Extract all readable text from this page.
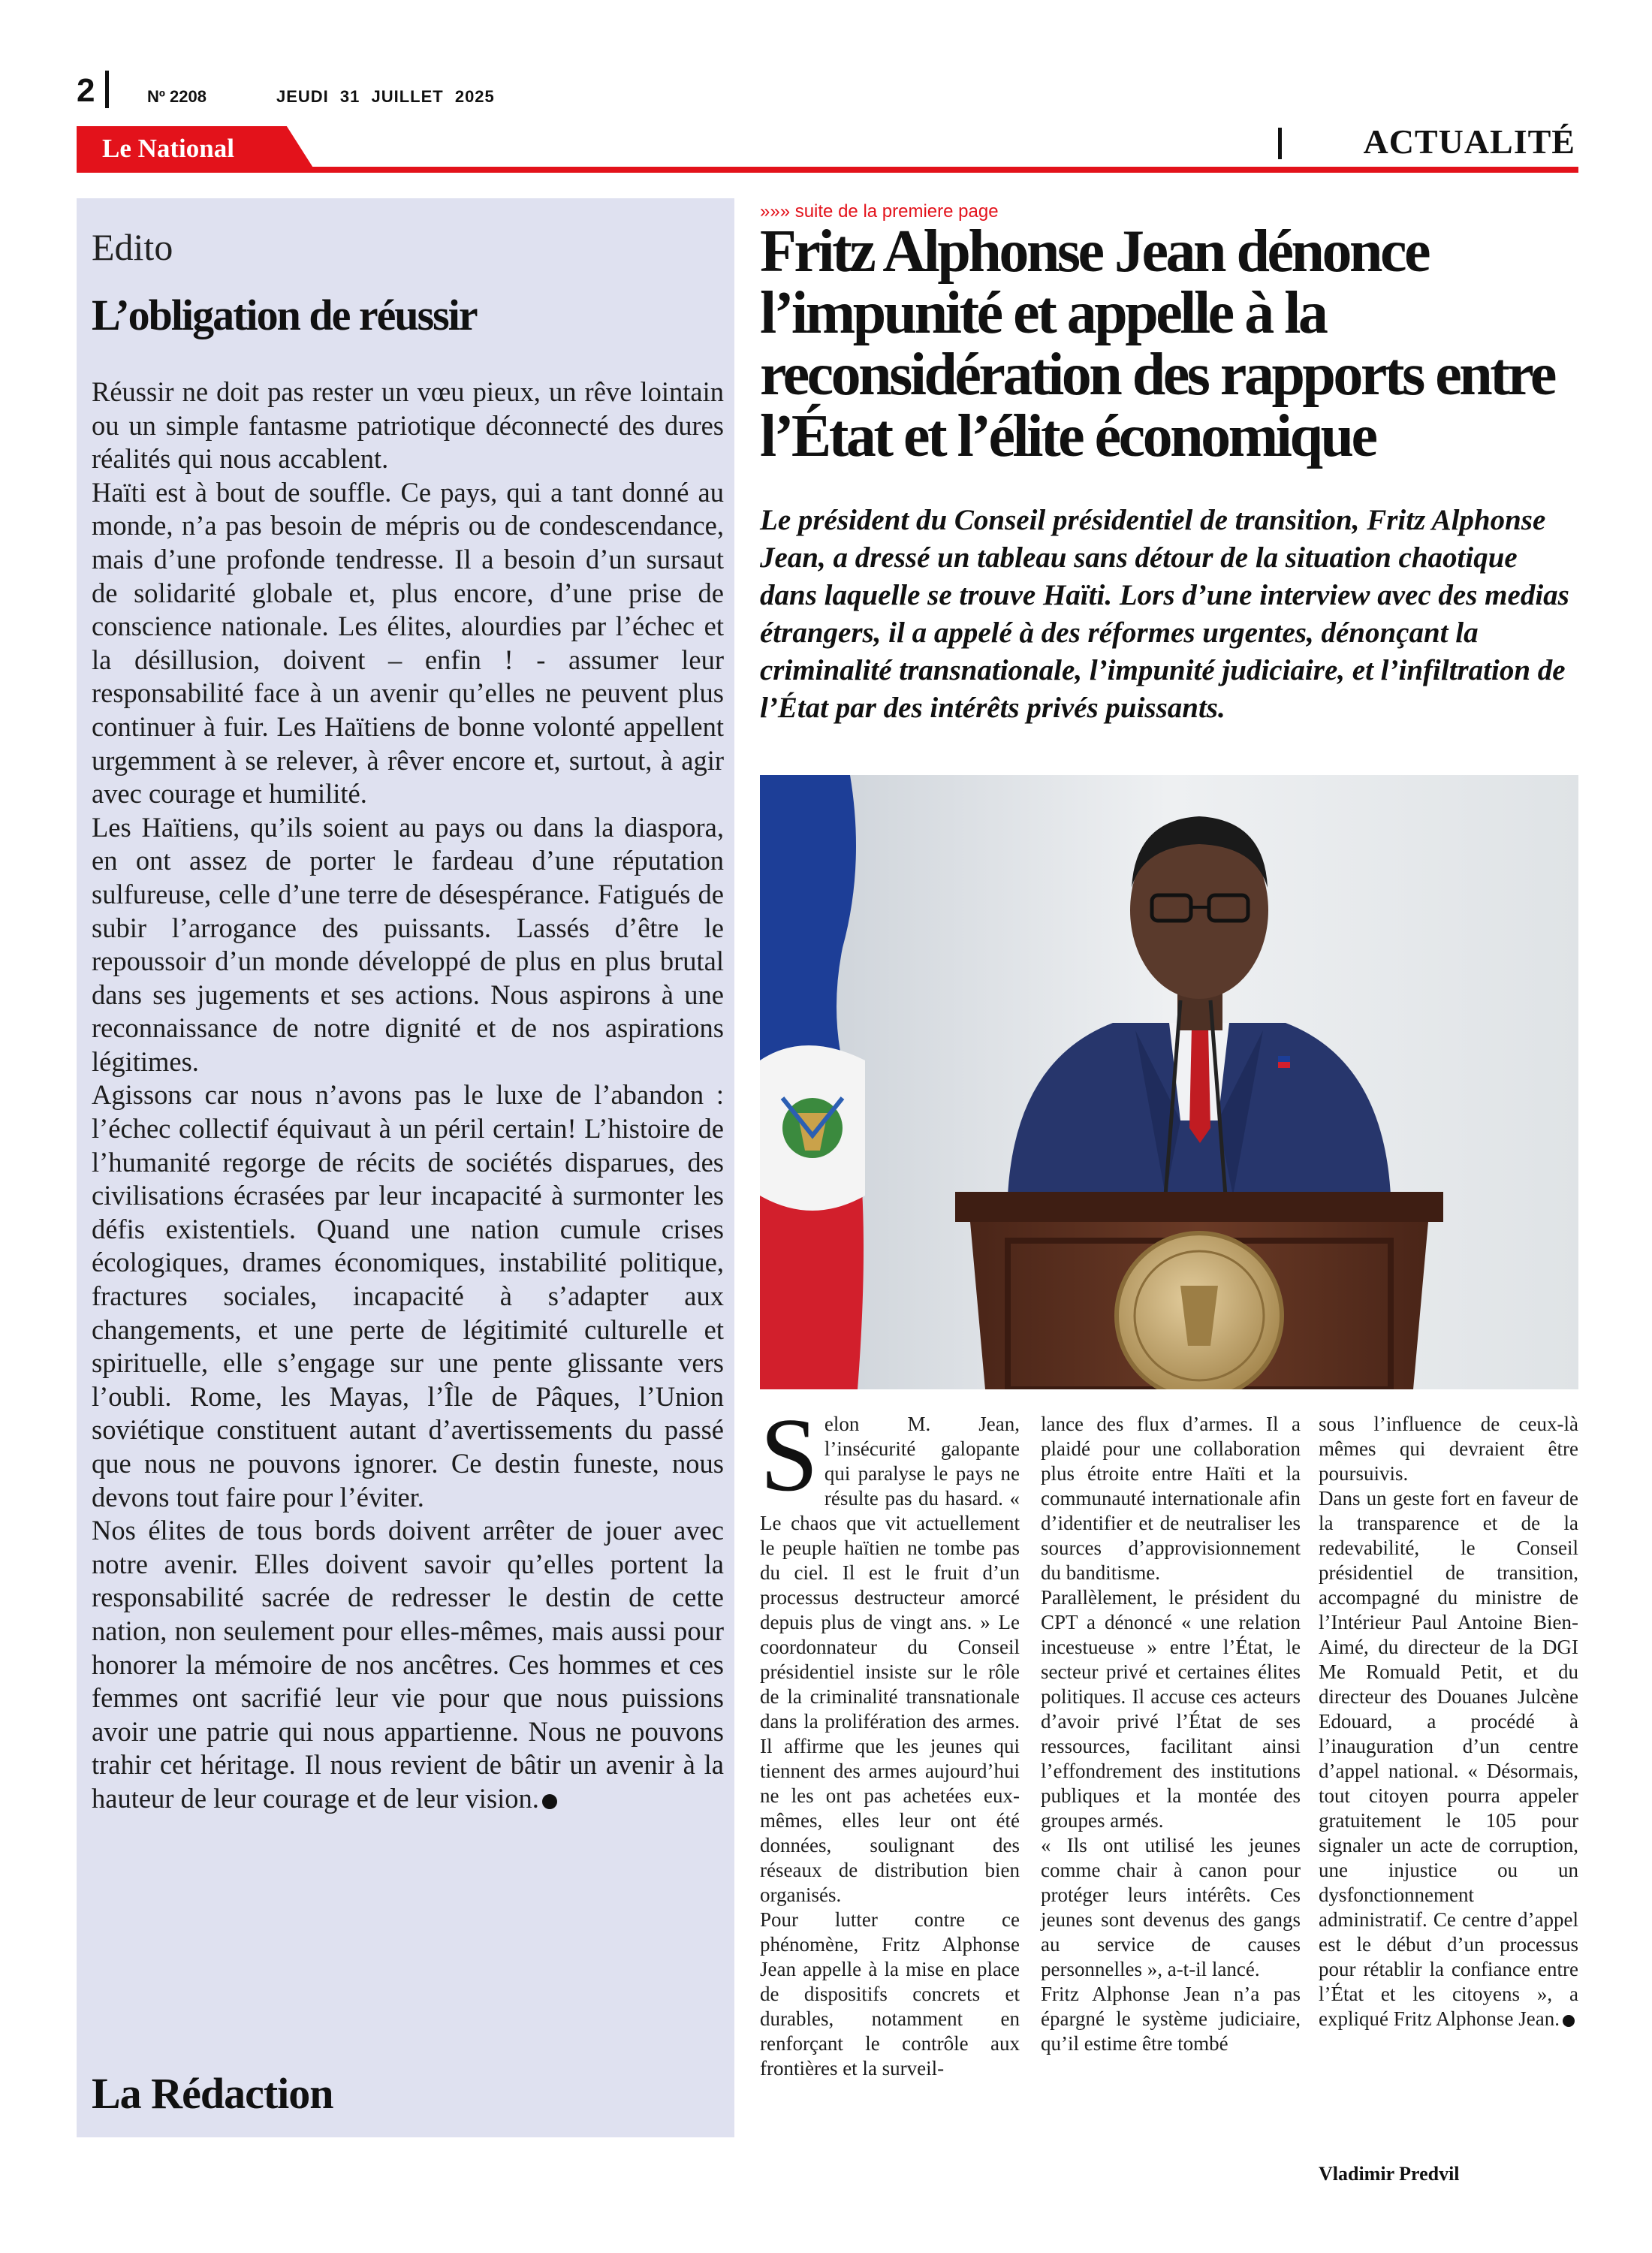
2	Nº 2208	JEUDI 31 JUILLET 2025
Le National	ACTUALITÉ
Edito
L’obligation de réussir

Réussir ne doit pas rester un vœu pieux, un rêve lointain ou un simple fantasme patriotique déconnecté des dures réalités qui nous accablent.

Haïti est à bout de souffle. Ce pays, qui a tant donné au monde, n’a pas besoin de mépris ou de condescendance, mais d’une profonde tendresse. Il a besoin d’un sursaut de solidarité globale et, plus encore, d’une prise de conscience nationale. Les élites, alourdies par l’échec et la désillusion, doivent – enfin ! - assumer leur responsabilité face à un avenir qu’elles ne peuvent plus continuer à fuir. Les Haïtiens de bonne volonté appellent urgemment à se relever, à rêver encore et, surtout, à agir avec courage et humilité.

Les Haïtiens, qu’ils soient au pays ou dans la diaspora, en ont assez de porter le fardeau d’une réputation sulfureuse, celle d’une terre de désespérance. Fatigués de subir l’arrogance des puissants. Lassés d’être le repoussoir d’un monde développé de plus en plus brutal dans ses jugements et ses actions. Nous aspirons à une reconnaissance de notre dignité et de nos aspirations légitimes.

Agissons car nous n’avons pas le luxe de l’abandon : l’échec collectif équivaut à un péril certain! L’histoire de l’humanité regorge de récits de sociétés disparues, des civilisations écrasées par leur incapacité à surmonter les défis existentiels. Quand une nation cumule crises écologiques, drames économiques, instabilité politique, fractures sociales, incapacité à s’adapter aux changements, et une perte de légitimité culturelle et spirituelle, elle s’engage sur une pente glissante vers l’oubli. Rome, les Mayas, l’Île de Pâques, l’Union soviétique constituent autant d’avertissements du passé que nous ne pouvons ignorer. Ce destin funeste, nous devons tout faire pour l’éviter.

Nos élites de tous bords doivent arrêter de jouer avec notre avenir. Elles doivent savoir qu’elles portent la responsabilité sacrée de redresser le destin de cette nation, non seulement pour elles-mêmes, mais aussi pour honorer la mémoire de nos ancêtres. Ces hommes et ces femmes ont sacrifié leur vie pour que nous puissions avoir une patrie qui nous appartienne. Nous ne pouvons trahir cet héritage. Il nous revient de bâtir un avenir à la hauteur de leur courage et de leur vision.

La Rédaction
»»» suite de la premiere page
Fritz Alphonse Jean dénonce l’impunité et appelle à la reconsidération des rapports entre l’État et l’élite économique

Le président du Conseil présidentiel de transition, Fritz Alphonse Jean, a dressé un tableau sans détour de la situation chaotique dans laquelle se trouve Haïti. Lors d’une interview avec des medias étrangers, il a appelé à des réformes urgentes, dénonçant la criminalité transnationale, l’impunité judiciaire, et l’infiltration de l’État par des intérêts privés puissants.

Selon M. Jean, l’insécurité galopante qui paralyse le pays ne résulte pas du hasard. « Le chaos que vit actuellement le peuple haïtien ne tombe pas du ciel. Il est le fruit d’un processus destructeur amorcé depuis plus de vingt ans. » Le coordonnateur du Conseil présidentiel insiste sur le rôle de la criminalité transnationale dans la prolifération des armes. Il affirme que les jeunes qui tiennent des armes aujourd’hui ne les ont pas achetées eux-mêmes, elles leur ont été données, soulignant des réseaux de distribution bien organisés.

Pour lutter contre ce phénomène, Fritz Alphonse Jean appelle à la mise en place de dispositifs concrets et durables, notamment en renforçant le contrôle aux frontières et la surveil-

lance des flux d’armes. Il a plaidé pour une collaboration plus étroite entre Haïti et la communauté internationale afin d’identifier et de neutraliser les sources d’approvisionnement du banditisme.

Parallèlement, le président du CPT a dénoncé « une relation incestueuse » entre l’État, le secteur privé et certaines élites politiques. Il accuse ces acteurs d’avoir privé l’État de ses ressources, facilitant ainsi l’effondrement des institutions publiques et la montée des groupes armés.

« Ils ont utilisé les jeunes comme chair à canon pour protéger leurs intérêts. Ces jeunes sont devenus des gangs au service de causes personnelles », a-t-il lancé.

Fritz Alphonse Jean n’a pas épargné le système judiciaire, qu’il estime être tombé

sous l’influence de ceux-là mêmes qui devraient être poursuivis.

Dans un geste fort en faveur de la transparence et de la redevabilité, le Conseil présidentiel de transition, accompagné du ministre de l’Intérieur Paul Antoine Bien-Aimé, du directeur de la DGI Me Romuald Petit, et du directeur des Douanes Julcène Edouard, a procédé à l’inauguration d’un centre d’appel national. « Désormais, tout citoyen pourra appeler gratuitement le 105 pour signaler un acte de corruption, une injustice ou un dysfonctionnement administratif. Ce centre d’appel est le début d’un processus pour rétablir la confiance entre l’État et les citoyens », a expliqué Fritz Alphonse Jean.

Vladimir Predvil
